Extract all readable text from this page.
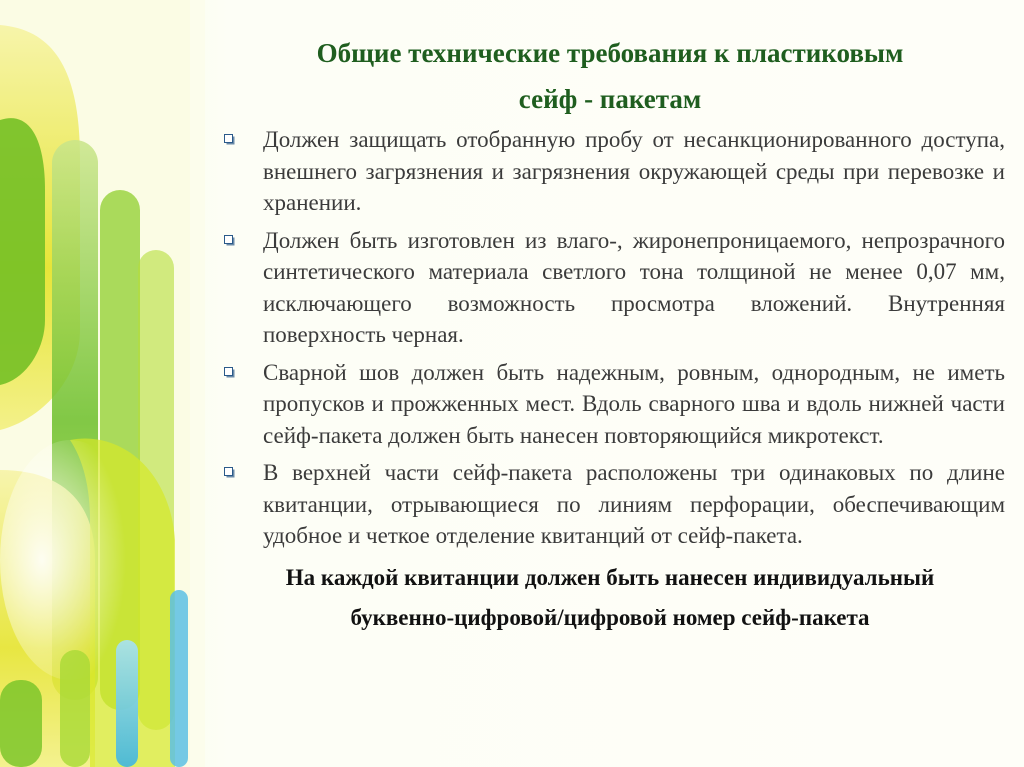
Общие технические требования к пластиковым
сейф - пакетам
Должен защищать отобранную пробу от несанкционированного доступа, внешнего загрязнения и загрязнения окружающей среды при перевозке и хранении.
Должен быть изготовлен из влаго-, жиронепроницаемого, непрозрачного синтетического материала светлого тона толщиной не менее 0,07 мм, исключающего возможность просмотра вложений. Внутренняя поверхность черная.
Сварной шов должен быть надежным, ровным, однородным, не иметь пропусков и прожженных мест. Вдоль сварного шва и вдоль нижней части сейф-пакета должен быть нанесен повторяющийся микротекст.
В верхней части сейф-пакета расположены три одинаковых по длине квитанции, отрывающиеся по линиям перфорации, обеспечивающим удобное и четкое отделение квитанций от сейф-пакета.
На каждой квитанции должен быть нанесен индивидуальный
буквенно-цифровой/цифровой номер сейф-пакета
